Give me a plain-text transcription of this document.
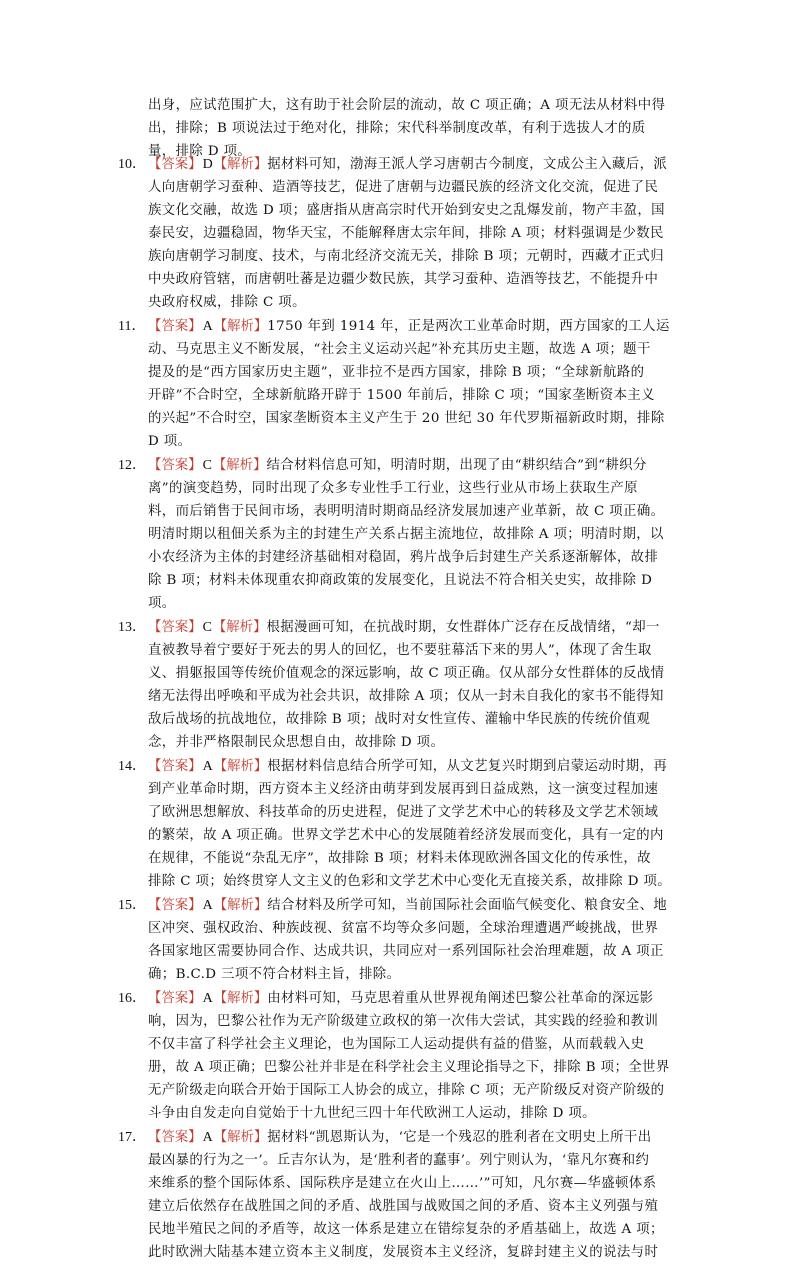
出身，应试范围扩大，这有助于社会阶层的流动，故 C 项正确；A 项无法从材料中得
出，排除；B 项说法过于绝对化，排除；宋代科举制度改革，有利于选拔人才的质
量，排除 D 项。
10． 【答案】 D 【解析】 据材料可知，渤海王派人学习唐朝古今制度，文成公主入藏后，派
人向唐朝学习蚕种、造酒等技艺，促进了唐朝与边疆民族的经济文化交流，促进了民
族文化交融，故选 D 项；盛唐指从唐高宗时代开始到安史之乱爆发前，物产丰盈，国
泰民安，边疆稳固，物华天宝，不能解释唐太宗年间，排除 A 项；材料强调是少数民
族向唐朝学习制度、技术，与南北经济交流无关，排除 B 项；元朝时，西藏才正式归
中央政府管辖，而唐朝吐蕃是边疆少数民族，其学习蚕种、造酒等技艺，不能提升中
央政府权威，排除 C 项。
11． 【答案】 A 【解析】 1750 年到 1914 年，正是两次工业革命时期，西方国家的工人运
动、马克思主义不断发展，“社会主义运动兴起”补充其历史主题，故选 A 项；题干
提及的是“西方国家历史主题”，亚非拉不是西方国家，排除 B 项；“全球新航路的
开辟”不合时空，全球新航路开辟于 1500 年前后，排除 C 项；“国家垄断资本主义
的兴起”不合时空，国家垄断资本主义产生于 20 世纪 30 年代罗斯福新政时期，排除
D 项。
12． 【答案】 C 【解析】 结合材料信息可知，明清时期，出现了由“耕织结合”到“耕织分
离”的演变趋势，同时出现了众多专业性手工行业，这些行业从市场上获取生产原
料，而后销售于民间市场，表明明清时期商品经济发展加速产业革新，故 C 项正确。
明清时期以租佃关系为主的封建生产关系占据主流地位，故排除 A 项；明清时期，以
小农经济为主体的封建经济基础相对稳固，鸦片战争后封建生产关系逐渐解体，故排
除 B 项；材料未体现重农抑商政策的发展变化，且说法不符合相关史实，故排除 D
项。
13． 【答案】 C 【解析】 根据漫画可知，在抗战时期，女性群体广泛存在反战情绪，“却一
直被教导着宁要好于死去的男人的回忆，也不要驻幕活下来的男人”，体现了舍生取
义、捐躯报国等传统价值观念的深远影响，故 C 项正确。仅从部分女性群体的反战情
绪无法得出呼唤和平成为社会共识，故排除 A 项；仅从一封未自我化的家书不能得知
敌后战场的抗战地位，故排除 B 项；战时对女性宣传、灌输中华民族的传统价值观
念，并非严格限制民众思想自由，故排除 D 项。
14． 【答案】 A 【解析】 根据材料信息结合所学可知，从文艺复兴时期到启蒙运动时期，再
到产业革命时期，西方资本主义经济由萌芽到发展再到日益成熟，这一演变过程加速
了欧洲思想解放、科技革命的历史进程，促进了文学艺术中心的转移及文学艺术领域
的繁荣，故 A 项正确。世界文学艺术中心的发展随着经济发展而变化，具有一定的内
在规律，不能说“杂乱无序”，故排除 B 项；材料未体现欧洲各国文化的传承性，故
排除 C 项；始终贯穿人文主义的色彩和文学艺术中心变化无直接关系，故排除 D 项。
15． 【答案】 A 【解析】 结合材料及所学可知，当前国际社会面临气候变化、粮食安全、地
区冲突、强权政治、种族歧视、贫富不均等众多问题，全球治理遭遇严峻挑战，世界
各国家地区需要协同合作、达成共识，共同应对一系列国际社会治理难题，故 A 项正
确；B.C.D 三项不符合材料主旨，排除。
16． 【答案】 A 【解析】 由材料可知，马克思着重从世界视角阐述巴黎公社革命的深远影
响，因为，巴黎公社作为无产阶级建立政权的第一次伟大尝试，其实践的经验和教训
不仅丰富了科学社会主义理论，也为国际工人运动提供有益的借鉴，从而载载入史
册，故 A 项正确；巴黎公社并非是在科学社会主义理论指导之下，排除 B 项；全世界
无产阶级走向联合开始于国际工人协会的成立，排除 C 项；无产阶级反对资产阶级的
斗争由自发走向自觉始于十九世纪三四十年代欧洲工人运动，排除 D 项。
17． 【答案】 A 【解析】 据材料“凯恩斯认为，‘它是一个残忍的胜利者在文明史上所干出
最凶暴的行为之一’。丘吉尔认为，是‘胜利者的蠢事’。列宁则认为，‘靠凡尔赛和约
来维系的整个国际体系、国际秩序是建立在火山上……’”可知，凡尔赛—华盛顿体系
建立后依然存在战胜国之间的矛盾、战胜国与战败国之间的矛盾、资本主义列强与殖
民地半殖民之间的矛盾等，故这一体系是建立在错综复杂的矛盾基础上，故选 A 项；
此时欧洲大陆基本建立资本主义制度，发展资本主义经济，复辟封建主义的说法与时
